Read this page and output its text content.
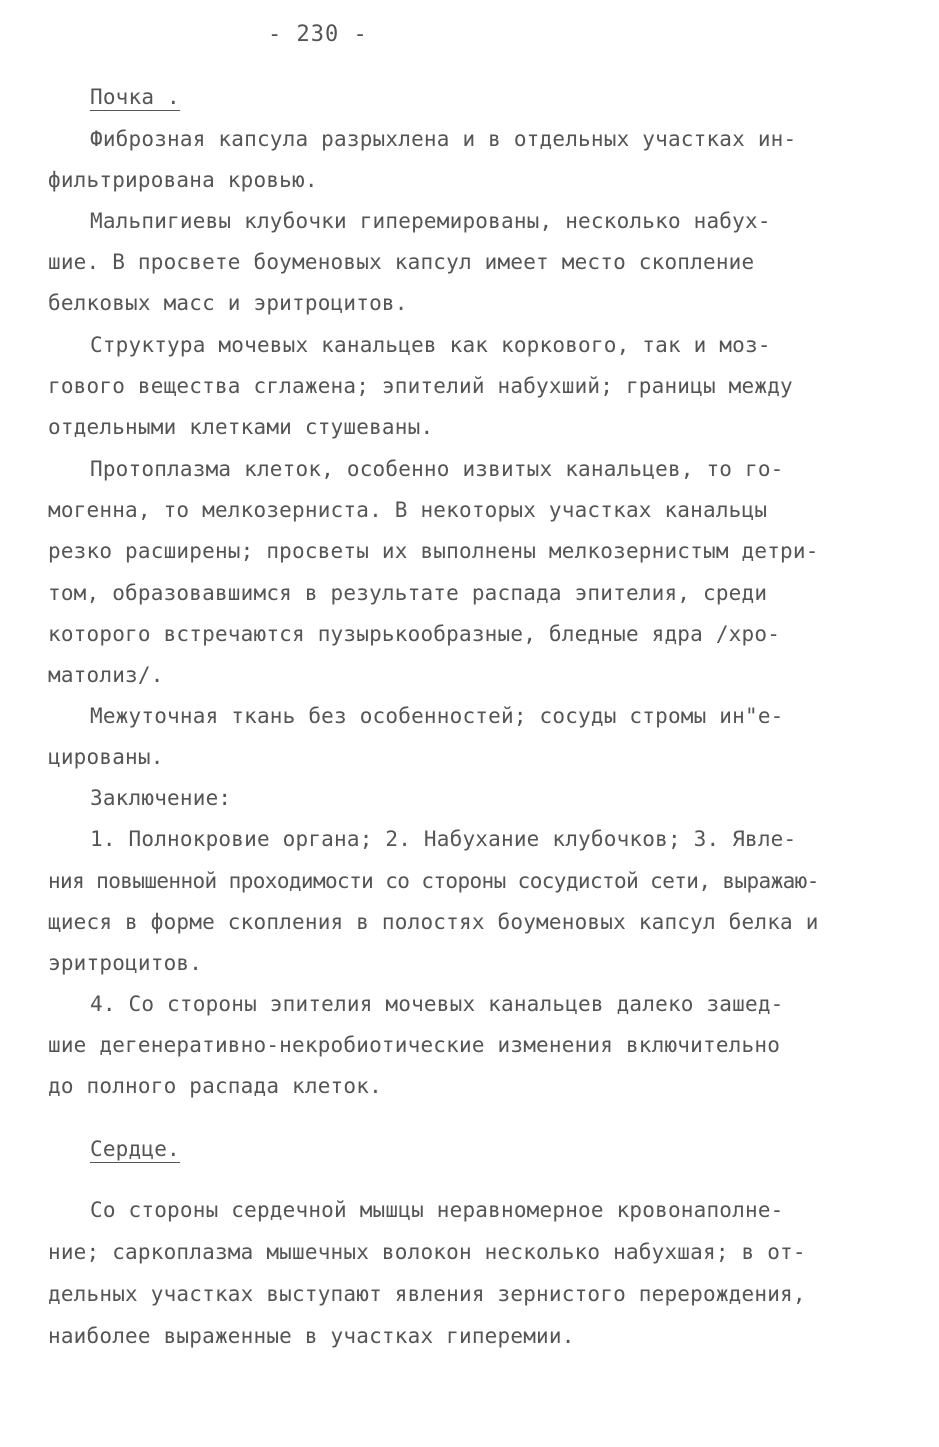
- 230 -
Почка .
Фиброзная капсула разрыхлена и в отдельных участках ин-
фильтрирована кровью.
Мальпигиевы клубочки гиперемированы, несколько набух-
шие. В просвете боуменовых капсул имеет место скопление
белковых масс и эритроцитов.
Структура мочевых канальцев как коркового, так и моз-
гового вещества сглажена; эпителий набухший; границы между
отдельными клетками стушеваны.
Протоплазма клеток, особенно извитых канальцев, то го-
могенна, то мелкозерниста. В некоторых участках канальцы
резко расширены; просветы их выполнены мелкозернистым детри-
том, образовавшимся в результате распада эпителия, среди
которого встречаются пузырькообразные, бледные ядра /хро-
матолиз/.
Межуточная ткань без особенностей; сосуды стромы ин"е-
цированы.
Заключение:
1. Полнокровие органа; 2. Набухание клубочков; 3. Явле-
ния повышенной проходимости со стороны сосудистой сети, выражаю-
щиеся в форме скопления в полостях боуменовых капсул белка и
эритроцитов.
4. Со стороны эпителия мочевых канальцев далеко зашед-
шие дегенеративно-некробиотические изменения включительно
до полного распада клеток.
Сердце.
Со стороны сердечной мышцы неравномерное кровонаполне-
ние; саркоплазма мышечных волокон несколько набухшая; в от-
дельных участках выступают явления зернистого перерождения,
наиболее выраженные в участках гиперемии.
